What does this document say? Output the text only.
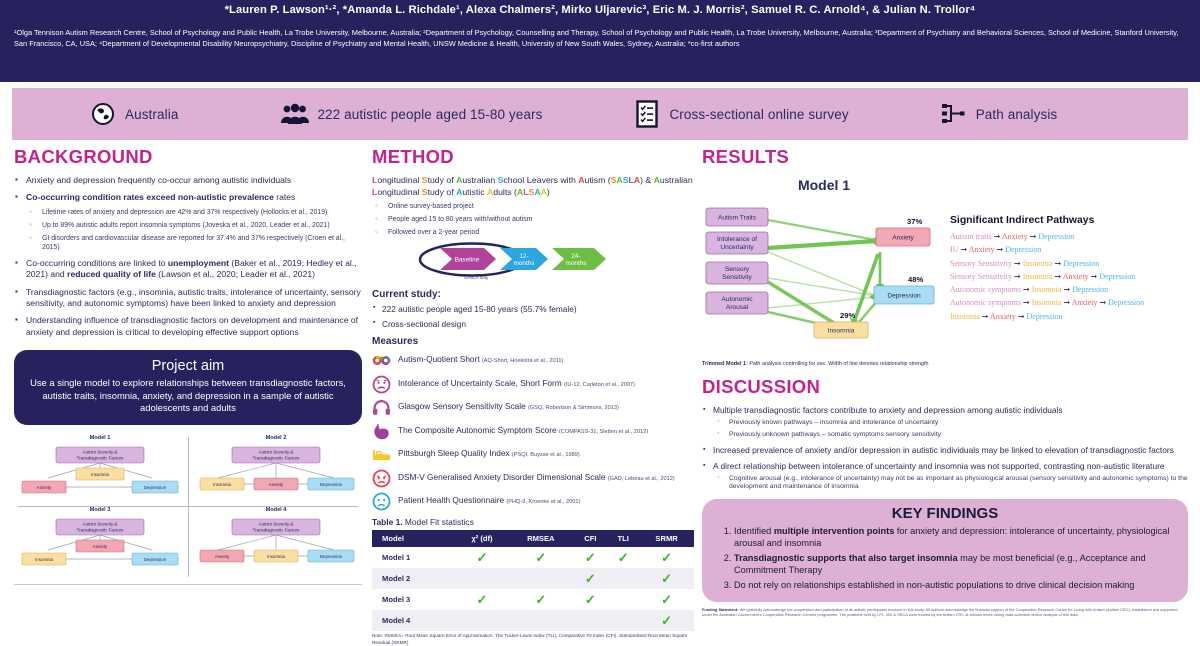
*Lauren P. Lawson¹·², *Amanda L. Richdale¹, Alexa Chalmers², Mirko Uljarevic³, Eric M. J. Morris², Samuel R. C. Arnold⁴, & Julian N. Trollor⁴
¹Olga Tennison Autism Research Centre, School of Psychology and Public Health, La Trobe University, Melbourne, Australia; ²Department of Psychology, Counselling and Therapy, School of Psychology and Public Health, La Trobe University, Melbourne, Australia; ³Department of Psychiatry and Behavioral Sciences, School of Medicine, Stanford University, San Francisco, CA, USA; ⁴Department of Developmental Disability Neuropsychiatry, Discipline of Psychiatry and Mental Health, UNSW Medicine & Health, University of New South Wales, Sydney, Australia; *co-first authors
Australia	222 autistic people aged 15-80 years	Cross-sectional online survey	Path analysis
BACKGROUND
▪ Anxiety and depression frequently co-occur among autistic individuals
▪ Co-occurring condition rates exceed non-autistic prevalence rates
◦ Lifetime rates of anxiety and depression are 42% and 37% respectively (Hollocks et al., 2019)
◦ Up to 89% autistic adults report insomnia symptoms (Joveska et al., 2020, Leader et al., 2021)
◦ GI disorders and cardiovascular disease are reported for 37.4% and 37% respectively (Croen et al., 2015)
▪ Co-occurring conditions are linked to unemployment (Baker et al., 2019; Hedley et al., 2021) and reduced quality of life (Lawson et al., 2020; Leader et al., 2021)
▪ Transdiagnostic factors (e.g., insomnia, autistic traits, intolerance of uncertainty, sensory sensitivity, and autonomic symptoms) have been linked to anxiety and depression
▪ Understanding influence of transdiagnostic factors on development and maintenance of anxiety and depression is critical to developing effective support options
Project aim
Use a single model to explore relationships between transdiagnostic factors, autistic traits, insomnia, anxiety, and depression in a sample of autistic adolescents and adults
Model 1
Autism Severity &
Transdiagnostic Factors
Insomnia
Anxiety	Depression
Model 2
Autism Severity &
Transdiagnostic Factors
Insomnia	Anxiety	Depression
Model 3
Autism Severity &
Transdiagnostic Factors
Anxiety
Insomnia	Depression
Model 4
Autism Severity &
Transdiagnostic Factors
Anxiety	Insomnia	Depression
METHOD
Longitudinal Study of Australian School Leavers with Autism (SASLA) & Australian Longitudinal Study of Autistic Adults (ALSAA)
◦ Online survey-based project
◦ People aged 15 to 80 years with/without autism
◦ Followed over a 2-year period
Baseline	12-
months
24-
months
SASLA only
Current study:
▪ 222 autistic people aged 15-80 years (55.7% female)
▪ Cross-sectional design
Measures
Autism-Quotient Short (AQ-Short, Hoekstra et al., 2011)
Intolerance of Uncertainty Scale, Short Form (IU-12, Carleton et al., 2007)
Glasgow Sensory Sensitivity Scale (GSQ, Robertson & Simmons, 2013)
The Composite Autonomic Symptom Score (COMPASS-31, Sletten et al., 2012)
Pittsburgh Sleep Quality Index (PSQI, Buysse et al., 1989)
DSM-V Generalised Anxiety Disorder Dimensional Scale (GAD, Lebeau et al., 2012)
Patient Health Questionnaire (PHQ-9, Kroenke et al., 2001)
Table 1. Model Fit statistics
Model	χ² (df)	RMSEA	CFI	TLI	SRMR
Model 1	✓	✓	✓	✓	✓
Model 2			✓		✓
Model 3	✓	✓	✓		✓
Model 4					✓
Note. RMSEA= Root Mean Square Error of Approximation, The Tucker-Lewis Index (TLI), Comparative Fit Index (CFI), Standardised Root Mean Square Residual (SRMR)
RESULTS
Model 1
Autism Traits
Intolerance of
Uncertainty
Sensory
Sensitivity
Autonomic
Arousal
Anxiety
Depression
Insomnia
37%
48%
29%
Trimmed Model 1: Path analysis controlling for sex. Width of line denotes relationship strength
Significant Indirect Pathways
Autism traits ➞ Anxiety ➞ Depression
IU ➞ Anxiety ➞ Depression
Sensory Sensitivity ➞ Insomnia ➞ Depression
Sensory Sensitivity ➞ Insomnia ➞ Anxiety ➞ Depression
Autonomic symptoms ➞ Insomnia ➞ Depression
Autonomic symptoms ➞ Insomnia ➞ Anxiety ➞ Depression
Insomnia ➞ Anxiety ➞ Depression
DISCUSSION
▪ Multiple transdiagnostic factors contribute to anxiety and depression among autistic individuals
◦ Previously known pathways – insomnia and intolerance of uncertainty
◦ Previously unknown pathways – somatic symptoms sensory sensitivity
▪ Increased prevalence of anxiety and/or depression in autistic individuals may be linked to elevation of transdiagnostic factors
▪ A direct relationship between intolerance of uncertainty and insomnia was not supported, contrasting non-autistic literature
◦ Cognitive arousal (e.g., intolerance of uncertainty) may not be as important as physiological arousal (sensory sensitivity and autonomic symptoms) to the development and maintenance of insomnia
KEY FINDINGS
1. Identified multiple intervention points for anxiety and depression: intolerance of uncertainty, physiological arousal and insomnia
2. Transdiagnostic supports that also target insomnia may be most beneficial (e.g., Acceptance and Commitment Therapy
3. Do not rely on relationships established in non-autistic populations to drive clinical decision making
Funding Statement: We gratefully acknowledge the cooperation and participation of all autistic participants involved in this study. All authors acknowledge the financial support of the Cooperative Research Centre for Living with Autism (Autism CRC), established and supported under the Australian Government's Cooperative Research Centres programme. The positions held by LPL, MU & SRCA were funded by the Autism CRC at various times during data collection and/or analysis of this data.
